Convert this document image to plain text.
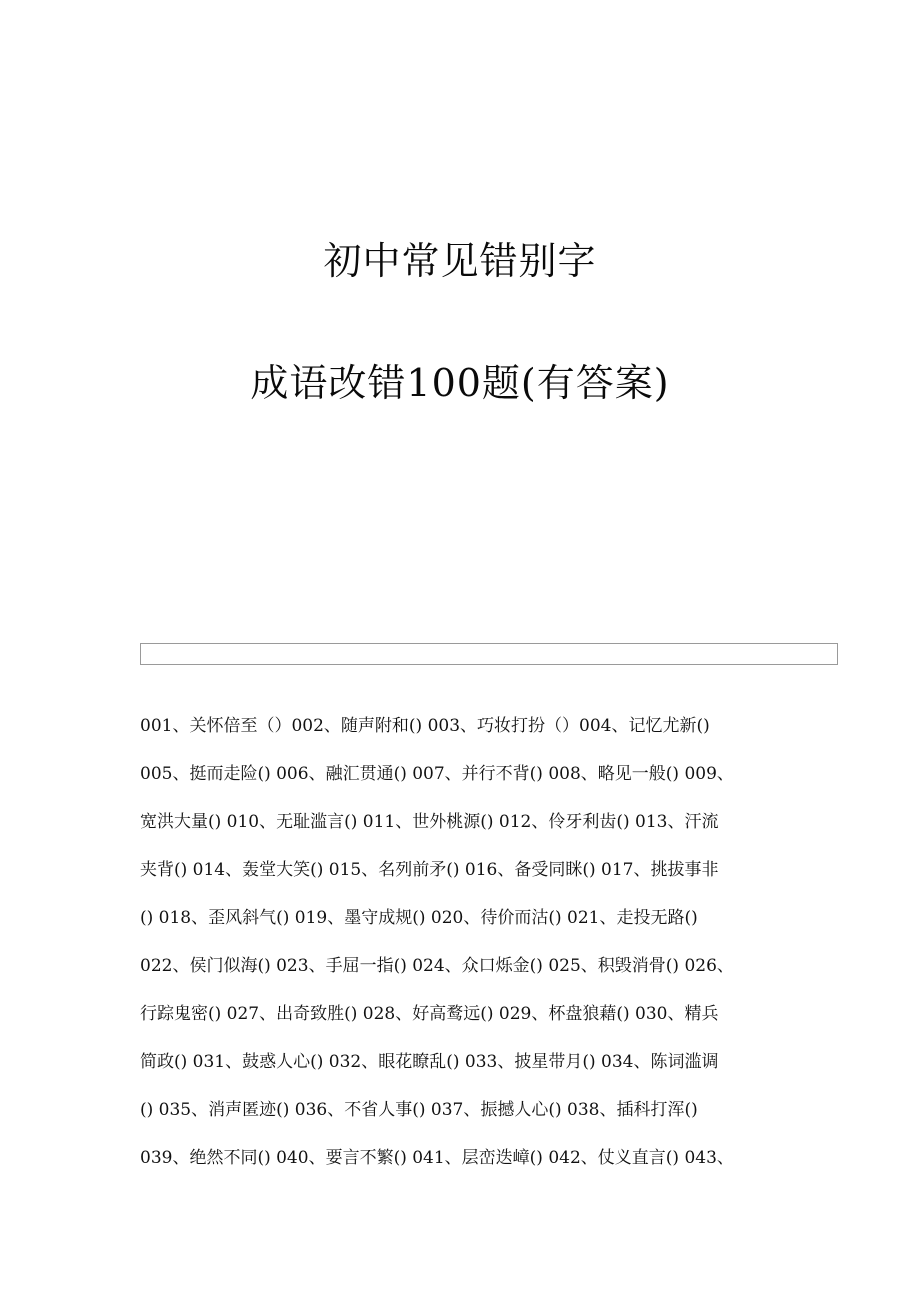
初中常见错别字
成语改错100题(有答案)
001、关怀倍至（）002、随声附和() 003、巧妆打扮（）004、记忆尤新()
005、挺而走险() 006、融汇贯通() 007、并行不背() 008、略见一般() 009、
宽洪大量() 010、无耻滥言() 011、世外桃源() 012、伶牙利齿() 013、汗流
夹背() 014、轰堂大笑() 015、名列前矛() 016、备受同眯() 017、挑拔事非
() 018、歪风斜气() 019、墨守成规() 020、待价而沽() 021、走投无路()
022、侯门似海() 023、手屈一指() 024、众口烁金() 025、积毁消骨() 026、
行踪鬼密() 027、出奇致胜() 028、好高鹜远() 029、杯盘狼藉() 030、精兵
简政() 031、鼓惑人心() 032、眼花瞭乱() 033、披星带月() 034、陈词滥调
() 035、消声匿迹() 036、不省人事() 037、振撼人心() 038、插科打浑()
039、绝然不同() 040、要言不繁() 041、层峦迭嶂() 042、仗义直言() 043、
